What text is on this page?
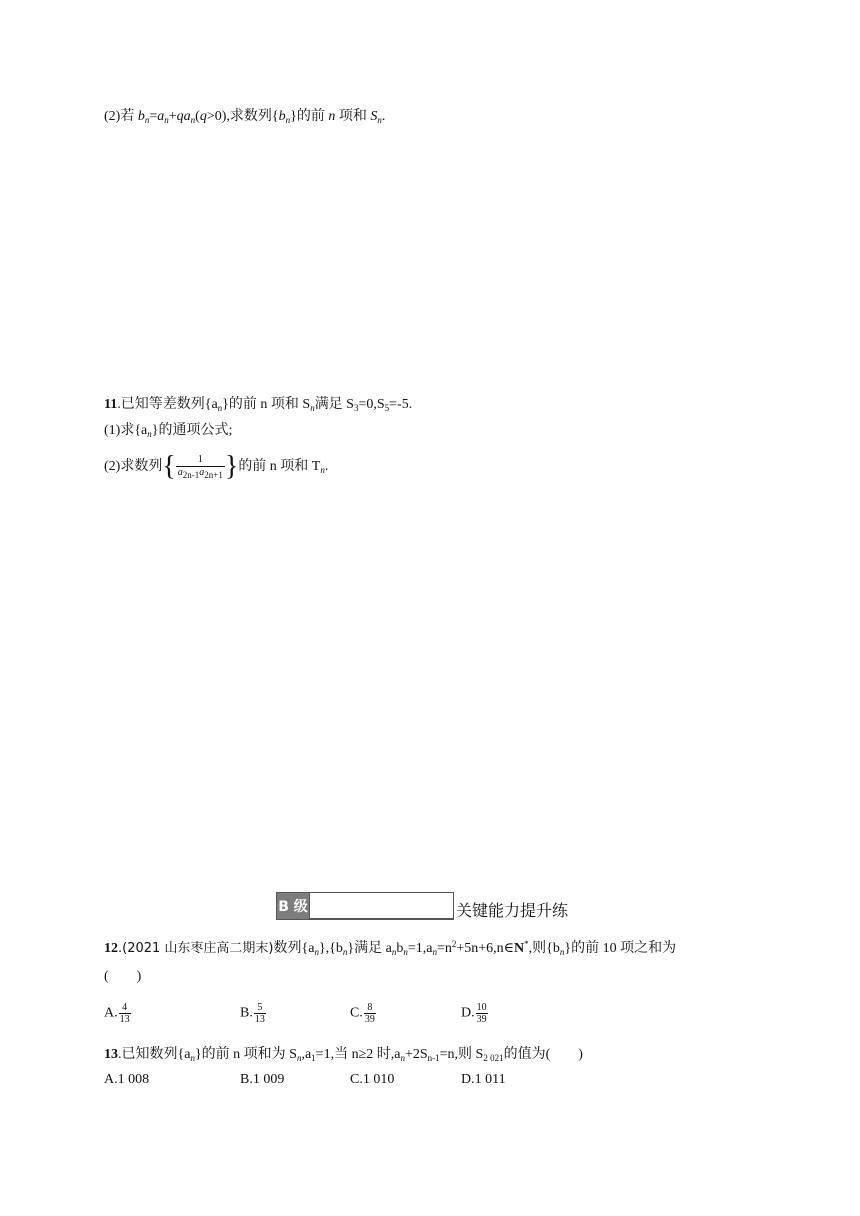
(2)若 $b_n=a_n+qa_n(q>0)$,求数列$\{b_n\}$的前 n 项和 $S_n$.
11.已知等差数列$\{a_n\}$的前 n 项和 $S_n$满足 $S_3=0,S_5=-5$.
(1)求$\{a_n\}$的通项公式;
(2)求数列{ $\frac{1}{a_{2n-1}a_{2n+1}}$ }的前 n 项和 $T_n$.
B 级	关键能力提升练
12.(2021 山东枣庄高二期末)数列$\{a_n\},\{b_n\}$满足 $a_nb_n=1,a_n=n^2+5n+6,n\in N^*$,则$\{b_n\}$的前 10 项之和为
(　　)
A. $\frac{4}{13}$	B. $\frac{5}{13}$	C. $\frac{8}{39}$	D. $\frac{10}{39}$
13.已知数列$\{a_n\}$的前 n 项和为 $S_n,a_1=1$,当 n≥2 时$,a_n+2S_{n-1}=n$,则 $S_{2 021}$的值为(　　)
A.1 008	B.1 009	C.1 010	D.1 011
